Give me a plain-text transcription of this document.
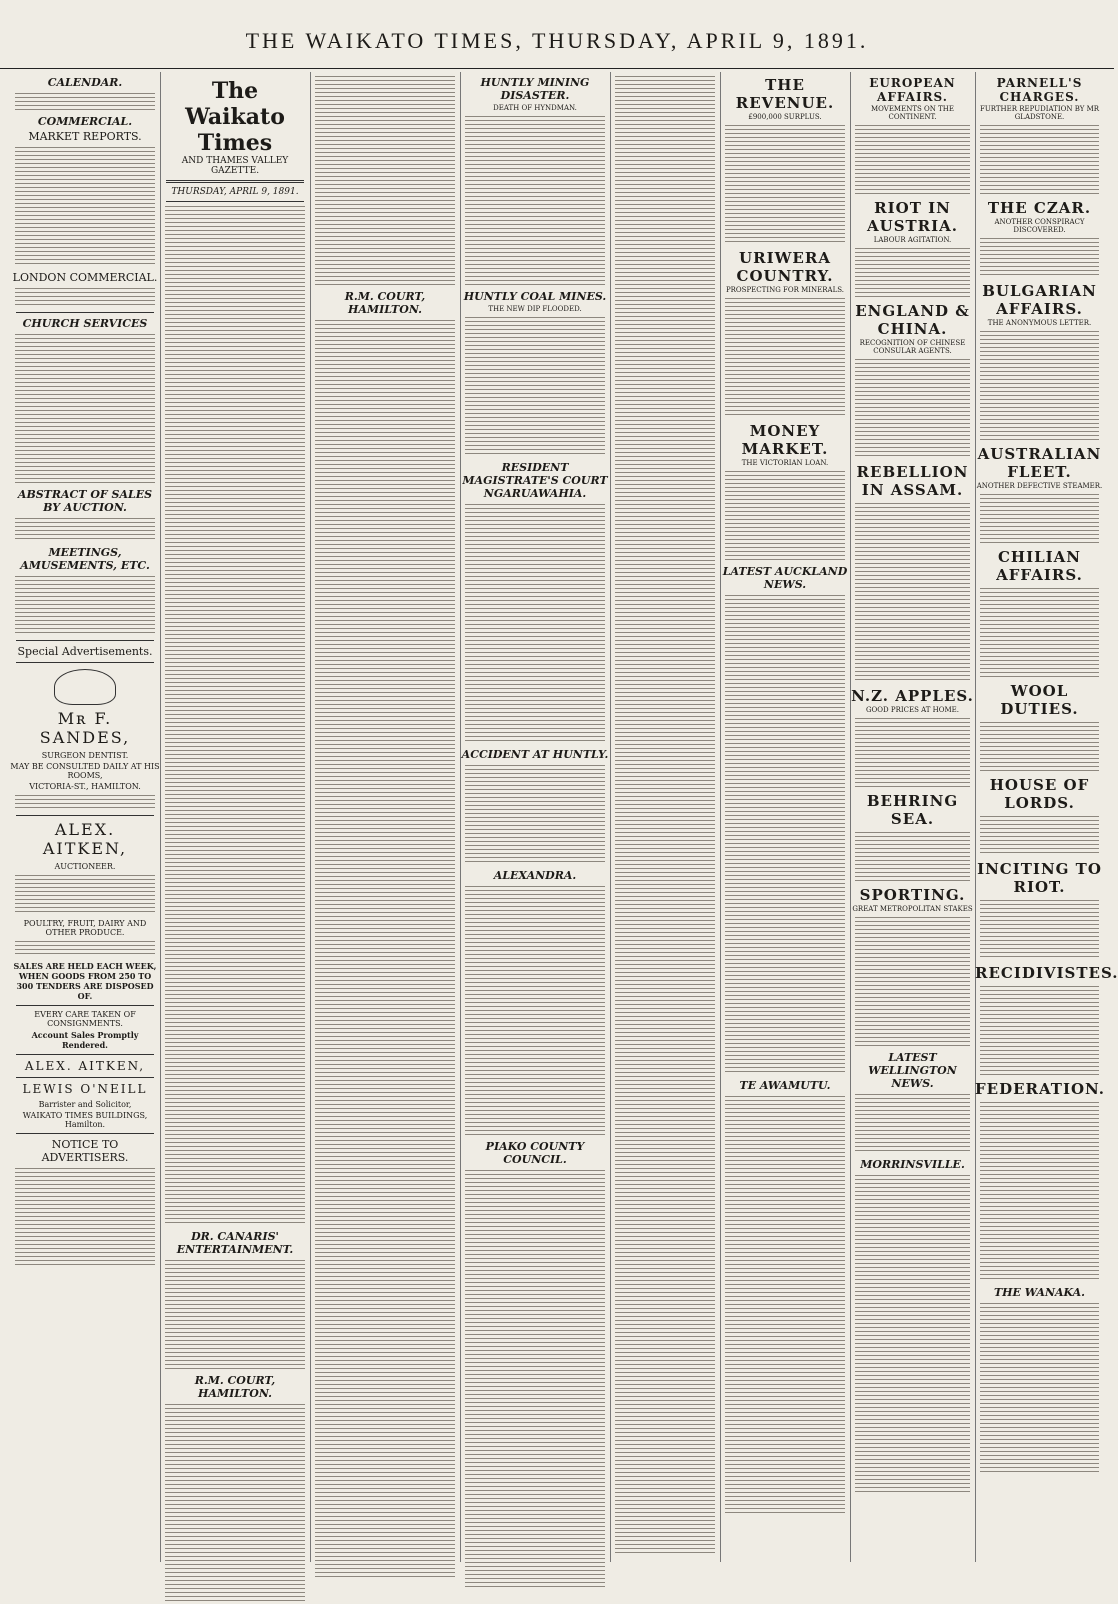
THE WAIKATO TIMES, THURSDAY, APRIL 9, 1891.
CALENDAR.
COMMERCIAL.
MARKET REPORTS.
LONDON COMMERCIAL.
CHURCH SERVICES
ABSTRACT OF SALES BY AUCTION.
MEETINGS, AMUSEMENTS, ETC.
Special Advertisements.
Mʀ F. SANDES,
SURGEON DENTIST.
MAY BE CONSULTED DAILY AT HIS ROOMS,
VICTORIA-ST., HAMILTON.
ALEX. AITKEN,
AUCTIONEER.
POULTRY, FRUIT, DAIRY AND OTHER PRODUCE.
SALES ARE HELD EACH WEEK, WHEN GOODS FROM 250 TO 300 TENDERS ARE DISPOSED OF.
EVERY CARE TAKEN OF CONSIGNMENTS.
Account Sales Promptly Rendered.
ALEX. AITKEN,
LEWIS O'NEILL
Barrister and Solicitor,
WAIKATO TIMES BUILDINGS, Hamilton.
NOTICE TO ADVERTISERS.
The Waikato Times
AND THAMES VALLEY GAZETTE.
THURSDAY, APRIL 9, 1891.
DR. CANARIS' ENTERTAINMENT.
R.M. COURT, HAMILTON.
R.M. COURT, HAMILTON.
HUNTLY MINING DISASTER.
DEATH OF HYNDMAN.
HUNTLY COAL MINES.
THE NEW DIP FLOODED.
RESIDENT MAGISTRATE'S COURT NGARUAWAHIA.
ACCIDENT AT HUNTLY.
ALEXANDRA.
PIAKO COUNTY COUNCIL.
THE REVENUE.
£900,000 SURPLUS.
URIWERA COUNTRY.
PROSPECTING FOR MINERALS.
MONEY MARKET.
THE VICTORIAN LOAN.
LATEST AUCKLAND NEWS.
TE AWAMUTU.
EUROPEAN AFFAIRS.
MOVEMENTS ON THE CONTINENT.
RIOT IN AUSTRIA.
LABOUR AGITATION.
ENGLAND & CHINA.
RECOGNITION OF CHINESE CONSULAR AGENTS.
REBELLION IN ASSAM.
N.Z. APPLES.
GOOD PRICES AT HOME.
BEHRING SEA.
SPORTING.
GREAT METROPOLITAN STAKES
LATEST WELLINGTON NEWS.
MORRINSVILLE.
PARNELL'S CHARGES.
FURTHER REPUDIATION BY MR GLADSTONE.
THE CZAR.
ANOTHER CONSPIRACY DISCOVERED.
BULGARIAN AFFAIRS.
THE ANONYMOUS LETTER.
AUSTRALIAN FLEET.
ANOTHER DEFECTIVE STEAMER.
CHILIAN AFFAIRS.
WOOL DUTIES.
HOUSE OF LORDS.
INCITING TO RIOT.
RECIDIVISTES.
FEDERATION.
THE WANAKA.
